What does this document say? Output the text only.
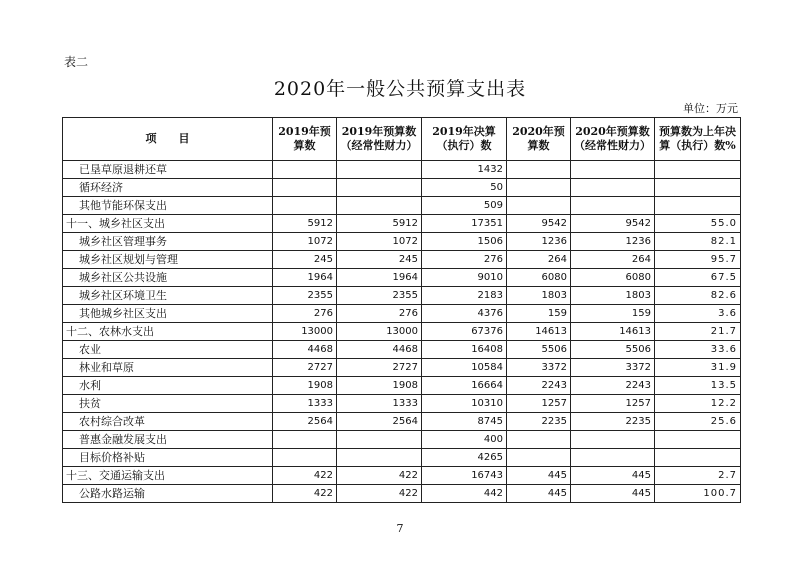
表二
2020年一般公共预算支出表
单位：万元
项　　目	2019年预算数	2019年预算数（经常性财力）	2019年决算（执行）数	2020年预算数	2020年预算数（经常性财力）	预算数为上年决算（执行）数%
已垦草原退耕还草			1432			
循环经济			50			
其他节能环保支出			509			
十一、城乡社区支出	5912	5912	17351	9542	9542	55.0
城乡社区管理事务	1072	1072	1506	1236	1236	82.1
城乡社区规划与管理	245	245	276	264	264	95.7
城乡社区公共设施	1964	1964	9010	6080	6080	67.5
城乡社区环境卫生	2355	2355	2183	1803	1803	82.6
其他城乡社区支出	276	276	4376	159	159	3.6
十二、农林水支出	13000	13000	67376	14613	14613	21.7
农业	4468	4468	16408	5506	5506	33.6
林业和草原	2727	2727	10584	3372	3372	31.9
水利	1908	1908	16664	2243	2243	13.5
扶贫	1333	1333	10310	1257	1257	12.2
农村综合改革	2564	2564	8745	2235	2235	25.6
普惠金融发展支出			400			
目标价格补贴			4265			
十三、交通运输支出	422	422	16743	445	445	2.7
公路水路运输	422	422	442	445	445	100.7
7
